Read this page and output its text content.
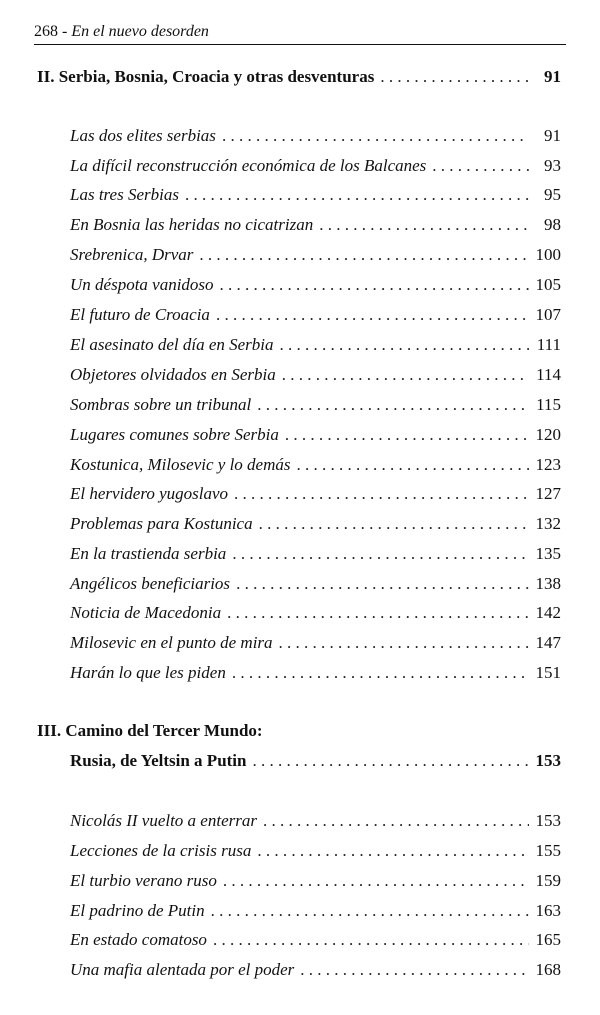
268 - En el nuevo desorden
II. Serbia, Bosnia, Croacia y otras desventuras . . .	91
Las dos elites serbias . . .	91
La difícil reconstrucción económica de los Balcanes . . .	93
Las tres Serbias . . .	95
En Bosnia las heridas no cicatrizan . . .	98
Srebrenica, Drvar . . .	100
Un déspota vanidoso . . .	105
El futuro de Croacia . . .	107
El asesinato del día en Serbia . . .	111
Objetores olvidados en Serbia . . .	114
Sombras sobre un tribunal . . .	115
Lugares comunes sobre Serbia . . .	120
Kostunica, Milosevic y lo demás . . .	123
El hervidero yugoslavo . . .	127
Problemas para Kostunica . . .	132
En la trastienda serbia . . .	135
Angélicos beneficiarios . . .	138
Noticia de Macedonia . . .	142
Milosevic en el punto de mira . . .	147
Harán lo que les piden . . .	151
III. Camino del Tercer Mundo:
Rusia, de Yeltsin a Putin . . .	153
Nicolás II vuelto a enterrar . . .	153
Lecciones de la crisis rusa . . .	155
El turbio verano ruso . . .	159
El padrino de Putin . . .	163
En estado comatoso . . .	165
Una mafia alentada por el poder . . .	168
